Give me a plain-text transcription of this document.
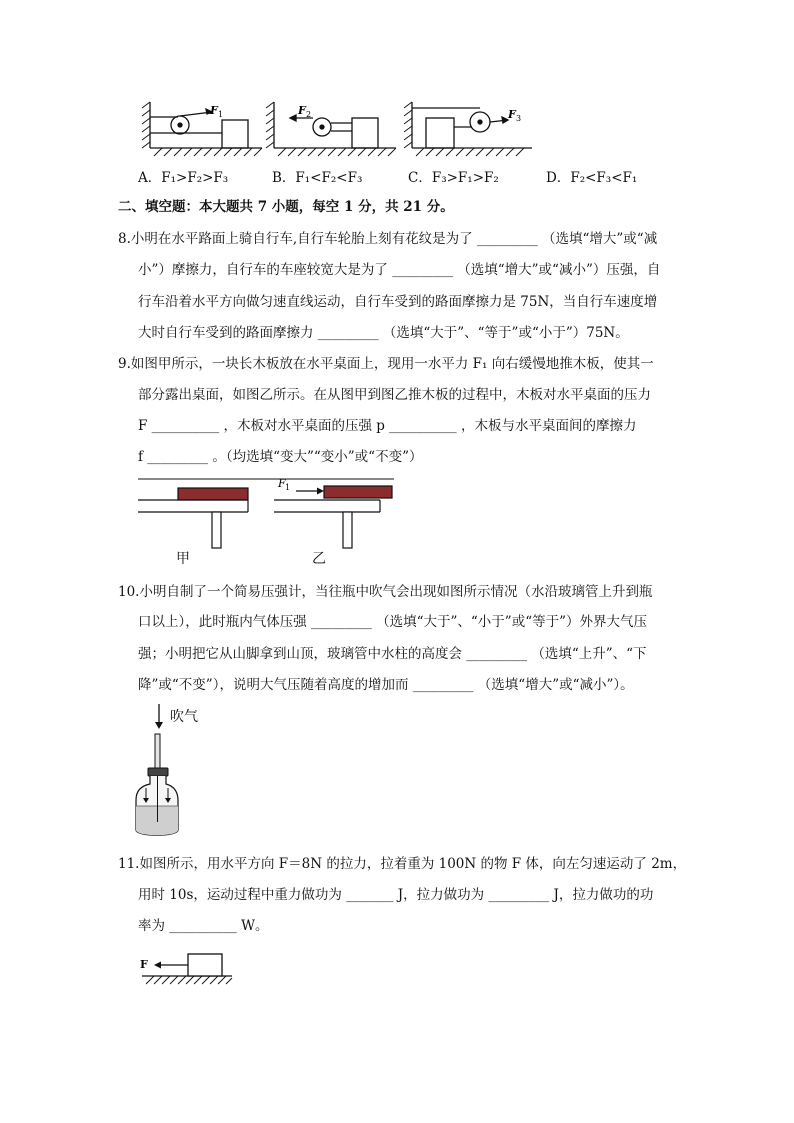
F 1	F 2	F 3
A．F₁>F₂>F₃	B．F₁<F₂<F₃	C．F₃>F₁>F₂	D．F₂<F₃<F₁
二、填空题：本大题共 7 小题，每空 1 分，共 21 分。
8.小明在水平路面上骑自行车,自行车轮胎上刻有花纹是为了 _________ （选填“增大”或“减
小”）摩擦力，自行车的车座较宽大是为了 _________ （选填“增大”或“减小”）压强，自
行车沿着水平方向做匀速直线运动，自行车受到的路面摩擦力是 75N，当自行车速度增
大时自行车受到的路面摩擦力 _________ （选填“大于”、“等于”或“小于”）75N。
9.如图甲所示，一块长木板放在水平桌面上，现用一水平力 F₁ 向右缓慢地推木板，使其一
部分露出桌面，如图乙所示。在从图甲到图乙推木板的过程中，木板对水平桌面的压力
F __________ ，木板对水平桌面的压强 p __________ ，木板与水平桌面间的摩擦力
f _________ 。（均选填“变大”“变小”或“不变”）
F 1
甲	乙
10.小明自制了一个简易压强计，当往瓶中吹气会出现如图所示情况（水沿玻璃管上升到瓶
口以上），此时瓶内气体压强 _________ （选填“大于”、“小于”或“等于”）外界大气压
强；小明把它从山脚拿到山顶，玻璃管中水柱的高度会 _________ （选填“上升”、“下
降”或“不变”），说明大气压随着高度的增加而 _________ （选填“增大”或“减小”）。
吹气
11.如图所示，用水平方向 F＝8N 的拉力，拉着重为 100N 的物 F 体，向左匀速运动了 2m，
用时 10s，运动过程中重力做功为 _______ J，拉力做功为 _________ J，拉力做功的功
率为 __________ W。
F
